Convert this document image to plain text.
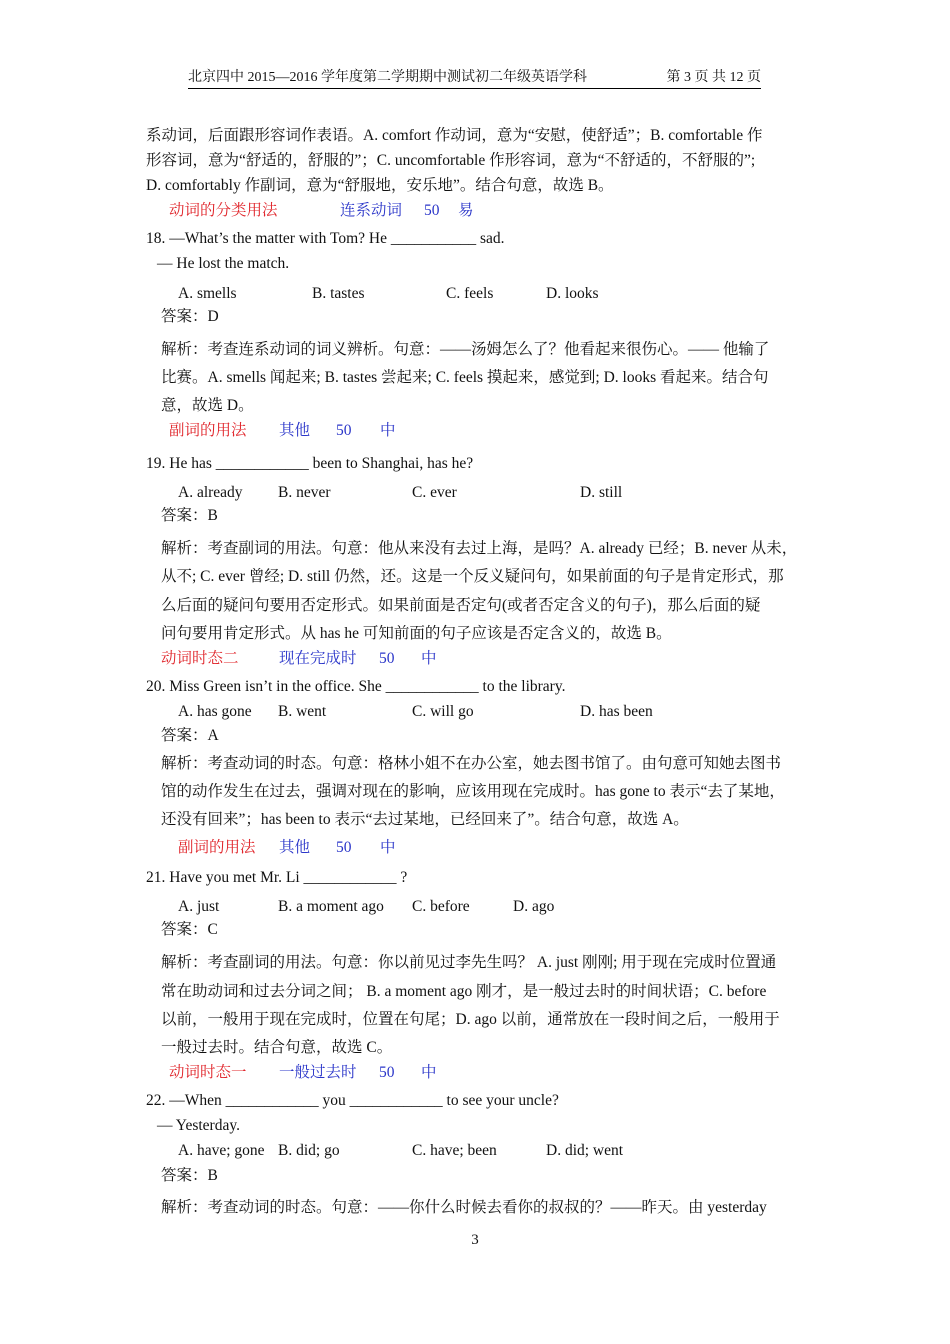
北京四中 2015—2016 学年度第二学期期中测试初二年级英语学科	第 3 页 共 12 页
系动词，后面跟形容词作表语。A. comfort 作动词，意为“安慰，使舒适”；B. comfortable 作
形容词，意为“舒适的，舒服的”；C. uncomfortable 作形容词，意为“不舒适的，不舒服的”;
D. comfortably 作副词，意为“舒服地，安乐地”。结合句意，故选 B。
动词的分类用法	连系动词 50 易
18. —What’s the matter with Tom? He ___________ sad.
— He lost the match.
A. smells	B. tastes	C. feels	D. looks
答案：D
解析：考查连系动词的词义辨析。句意：——汤姆怎么了？他看起来很伤心。—— 他输了
比赛。A. smells 闻起来; B. tastes 尝起来; C. feels 摸起来，感觉到; D. looks 看起来。结合句
意，故选 D。
副词的用法 其他 50 中
19. He has ____________ been to Shanghai, has he?
A. already B. never	C. ever	D. still
答案：B
解析：考查副词的用法。句意：他从来没有去过上海，是吗？A. already 已经；B. never 从未，
从不; C. ever 曾经; D. still 仍然，还。这是一个反义疑问句，如果前面的句子是肯定形式，那
么后面的疑问句要用否定形式。如果前面是否定句(或者否定含义的句子)，那么后面的疑
问句要用肯定形式。从 has he 可知前面的句子应该是否定含义的，故选 B。
动词时态二	现在完成时 50 中
20. Miss Green isn’t in the office. She ____________ to the library.
A. has gone B. went	C. will go	D. has been
答案：A
解析：考查动词的时态。句意：格林小姐不在办公室，她去图书馆了。由句意可知她去图书
馆的动作发生在过去，强调对现在的影响，应该用现在完成时。has gone to 表示“去了某地，
还没有回来”；has been to 表示“去过某地，已经回来了”。结合句意，故选 A。
副词的用法 其他 50 中
21. Have you met Mr. Li ____________ ?
A. just	B. a moment ago C. before	D. ago
答案：C
解析：考查副词的用法。句意：你以前见过李先生吗？ A. just 刚刚; 用于现在完成时位置通
常在助动词和过去分词之间； B. a moment ago 刚才，是一般过去时的时间状语；C. before
以前，一般用于现在完成时，位置在句尾；D. ago 以前，通常放在一段时间之后，一般用于
一般过去时。结合句意，故选 C。
动词时态一 一般过去时 50 中
22. —When ____________ you ____________ to see your uncle?
— Yesterday.
A. have; gone B. did; go	C. have; been	D. did; went
答案：B
解析：考查动词的时态。句意：——你什么时候去看你的叔叔的？——昨天。由 yesterday
3
